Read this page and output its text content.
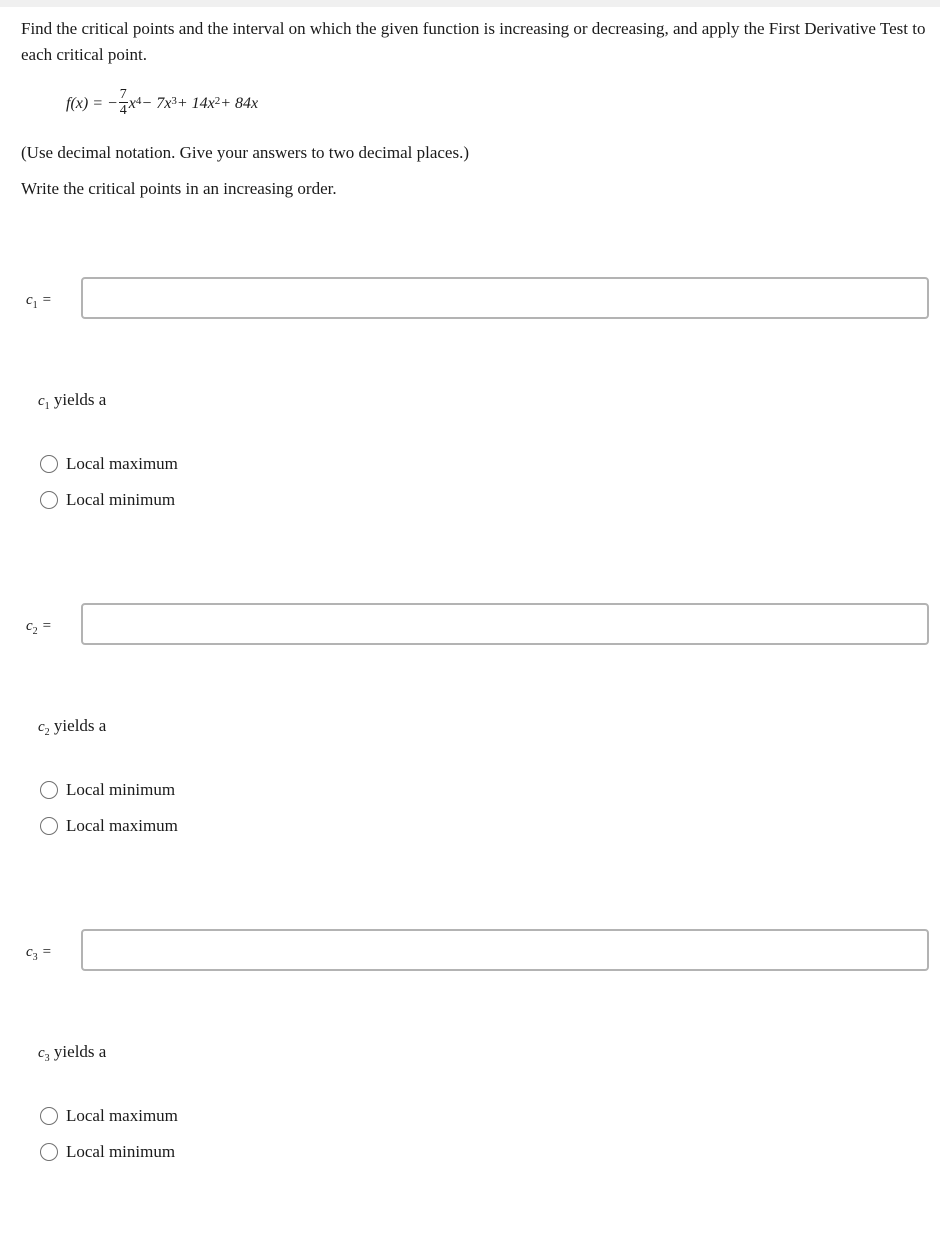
Find the critical points and the interval on which the given function is increasing or decreasing, and apply the First Derivative Test to each critical point.
f(x) = − $\frac{7}{4} x^4 - 7x^3 + 14x^2 + 84x$
(Use decimal notation. Give your answers to two decimal places.)
Write the critical points in an increasing order.
$c_1$ =
$c_1$ yields a
Local maximum
Local minimum
$c_2$ =
$c_2$ yields a
Local minimum
Local maximum
$c_3$ =
$c_3$ yields a
Local maximum
Local minimum
